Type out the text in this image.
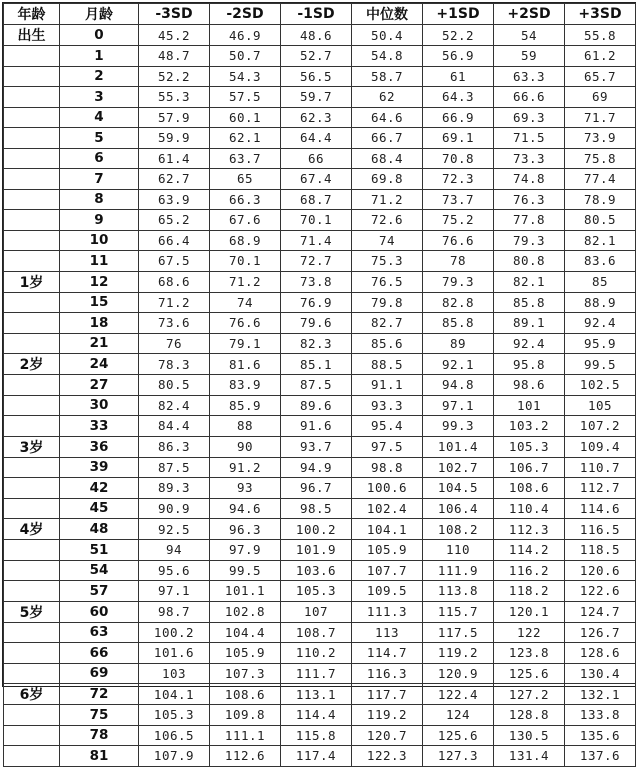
年龄	月龄	-3SD	-2SD	-1SD	中位数	+1SD	+2SD	+3SD
出生	0	45.2	46.9	48.6	50.4	52.2	54	55.8
	1	48.7	50.7	52.7	54.8	56.9	59	61.2
	2	52.2	54.3	56.5	58.7	61	63.3	65.7
	3	55.3	57.5	59.7	62	64.3	66.6	69
	4	57.9	60.1	62.3	64.6	66.9	69.3	71.7
	5	59.9	62.1	64.4	66.7	69.1	71.5	73.9
	6	61.4	63.7	66	68.4	70.8	73.3	75.8
	7	62.7	65	67.4	69.8	72.3	74.8	77.4
	8	63.9	66.3	68.7	71.2	73.7	76.3	78.9
	9	65.2	67.6	70.1	72.6	75.2	77.8	80.5
	10	66.4	68.9	71.4	74	76.6	79.3	82.1
	11	67.5	70.1	72.7	75.3	78	80.8	83.6
1岁	12	68.6	71.2	73.8	76.5	79.3	82.1	85
	15	71.2	74	76.9	79.8	82.8	85.8	88.9
	18	73.6	76.6	79.6	82.7	85.8	89.1	92.4
	21	76	79.1	82.3	85.6	89	92.4	95.9
2岁	24	78.3	81.6	85.1	88.5	92.1	95.8	99.5
	27	80.5	83.9	87.5	91.1	94.8	98.6	102.5
	30	82.4	85.9	89.6	93.3	97.1	101	105
	33	84.4	88	91.6	95.4	99.3	103.2	107.2
3岁	36	86.3	90	93.7	97.5	101.4	105.3	109.4
	39	87.5	91.2	94.9	98.8	102.7	106.7	110.7
	42	89.3	93	96.7	100.6	104.5	108.6	112.7
	45	90.9	94.6	98.5	102.4	106.4	110.4	114.6
4岁	48	92.5	96.3	100.2	104.1	108.2	112.3	116.5
	51	94	97.9	101.9	105.9	110	114.2	118.5
	54	95.6	99.5	103.6	107.7	111.9	116.2	120.6
	57	97.1	101.1	105.3	109.5	113.8	118.2	122.6
5岁	60	98.7	102.8	107	111.3	115.7	120.1	124.7
	63	100.2	104.4	108.7	113	117.5	122	126.7
	66	101.6	105.9	110.2	114.7	119.2	123.8	128.6
	69	103	107.3	111.7	116.3	120.9	125.6	130.4
6岁	72	104.1	108.6	113.1	117.7	122.4	127.2	132.1
	75	105.3	109.8	114.4	119.2	124	128.8	133.8
	78	106.5	111.1	115.8	120.7	125.6	130.5	135.6
	81	107.9	112.6	117.4	122.3	127.3	131.4	137.6
